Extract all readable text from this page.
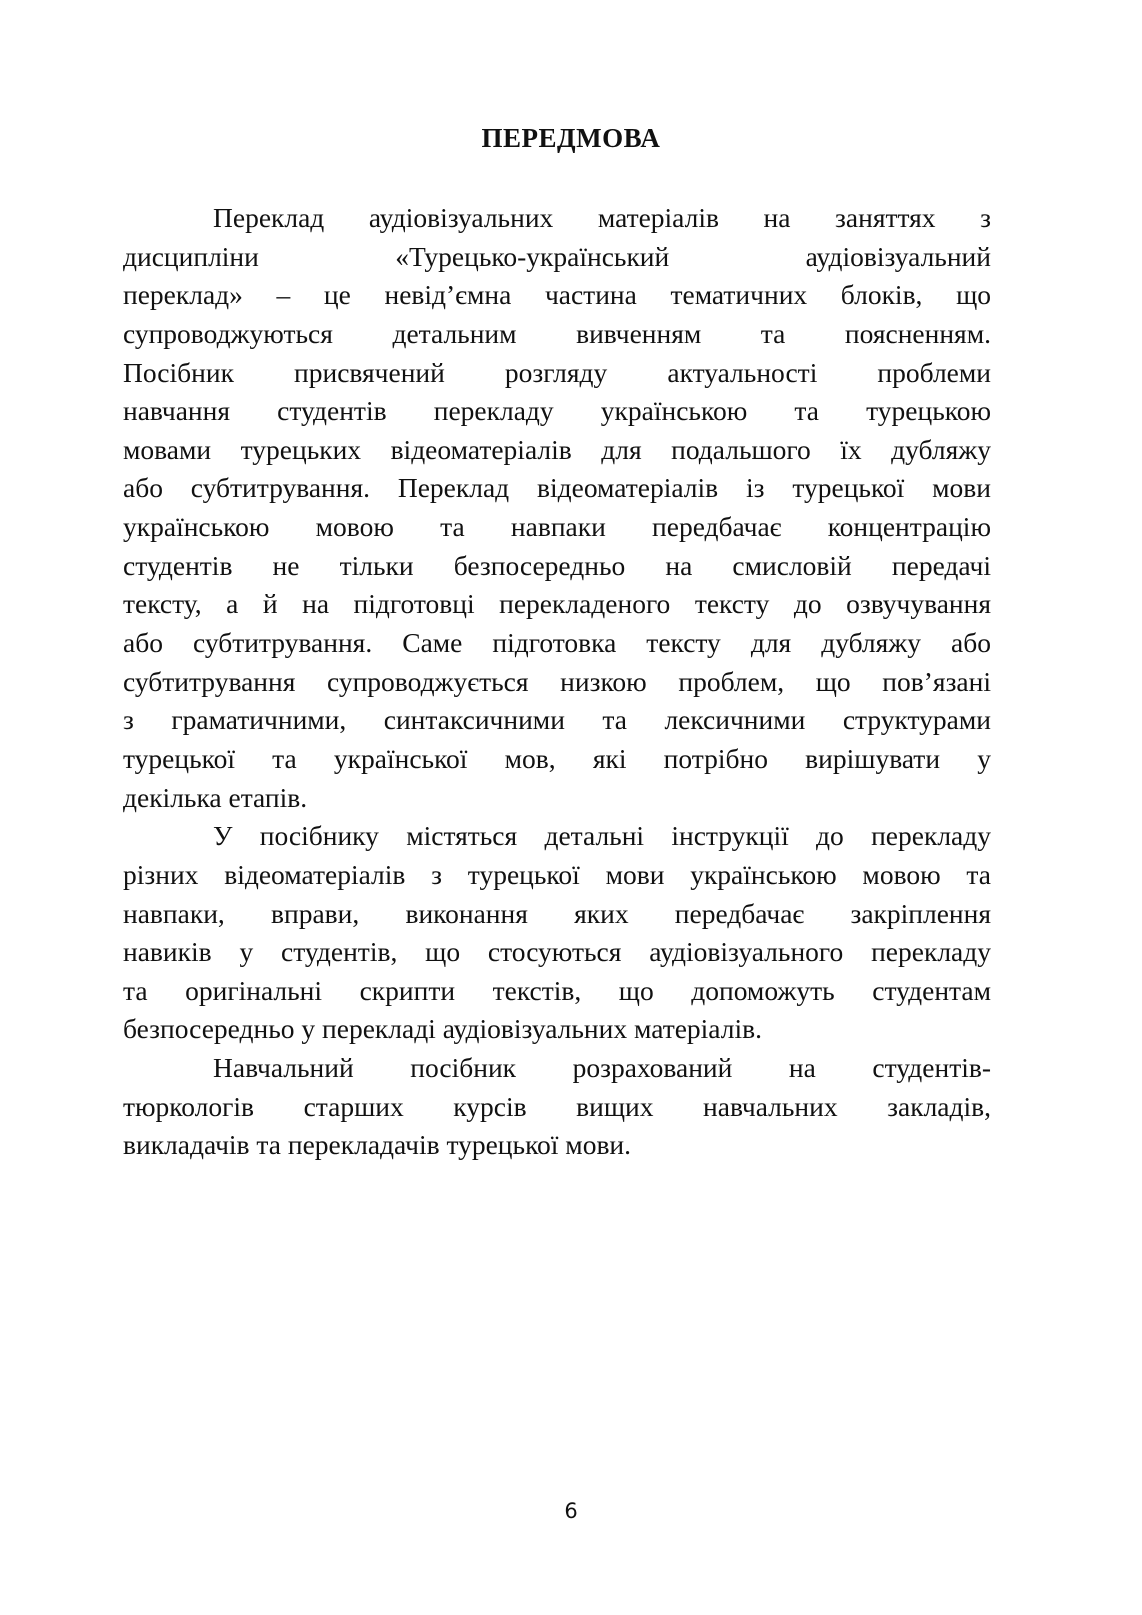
ПЕРЕДМОВА
Переклад аудіовізуальних матеріалів на заняттях з
дисципліни «Турецько-український аудіовізуальний
переклад» – це невід’ємна частина тематичних блоків, що
супроводжуються детальним вивченням та поясненням.
Посібник присвячений розгляду актуальності проблеми
навчання студентів перекладу українською та турецькою
мовами турецьких відеоматеріалів для подальшого їх дубляжу
або субтитрування. Переклад відеоматеріалів із турецької мови
українською мовою та навпаки передбачає концентрацію
студентів не тільки безпосередньо на смисловій передачі
тексту, а й на підготовці перекладеного тексту до озвучування
або субтитрування. Саме підготовка тексту для дубляжу або
субтитрування супроводжується низкою проблем, що пов’язані
з граматичними, синтаксичними та лексичними структурами
турецької та української мов, які потрібно вирішувати у
декілька етапів.
У посібнику містяться детальні інструкції до перекладу
різних відеоматеріалів з турецької мови українською мовою та
навпаки, вправи, виконання яких передбачає закріплення
навиків у студентів, що стосуються аудіовізуального перекладу
та оригінальні скрипти текстів, що допоможуть студентам
безпосередньо у перекладі аудіовізуальних матеріалів.
Навчальний посібник розрахований на студентів-
тюркологів старших курсів вищих навчальних закладів,
викладачів та перекладачів турецької мови.
6
